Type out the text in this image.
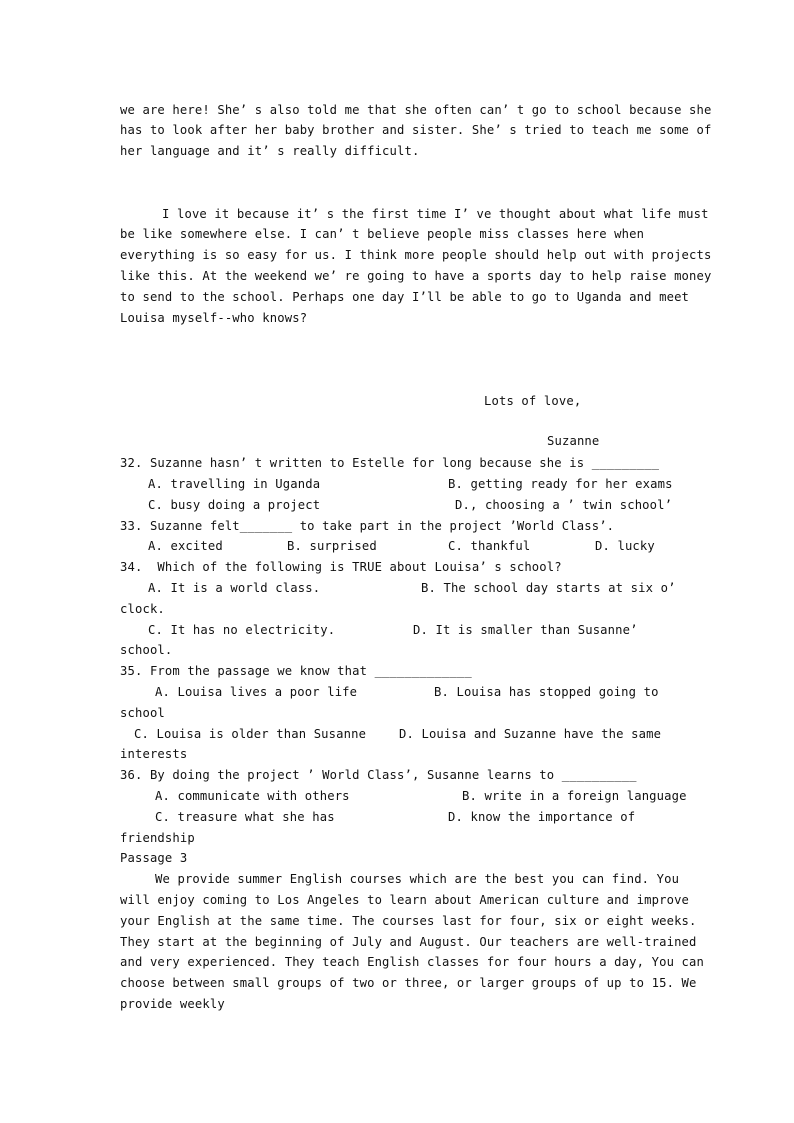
we are here! She’ s also told me that she often can’ t go to school because she
has to look after her baby brother and sister. She’ s tried to teach me some of
her language and it’ s really difficult.
I love it because it’ s the first time I’ ve thought about what life must
be like somewhere else. I can’ t believe people miss classes here when
everything is so easy for us. I think more people should help out with projects
like this. At the weekend we’ re going to have a sports day to help raise money
to send to the school. Perhaps one day I’ll be able to go to Uganda and meet
Louisa myself--who knows?
Lots of love,
Suzanne
32. Suzanne hasn’ t written to Estelle for long because she is _________
A. travelling in Uganda	B. getting ready for her exams
C. busy doing a project	D., choosing a ’ twin school’
33. Suzanne felt_______ to take part in the project ’World Class’.
A. excited	B. surprised	C. thankful	D. lucky
34.  Which of the following is TRUE about Louisa’ s school?
A. It is a world class.	B. The school day starts at six o’
clock.
C. It has no electricity.	D. It is smaller than Susanne’
school.
35. From the passage we know that _____________
A. Louisa lives a poor life	B. Louisa has stopped going to
school
C. Louisa is older than Susanne	D. Louisa and Suzanne have the same
interests
36. By doing the project ’ World Class’, Susanne learns to __________
A. communicate with others	B. write in a foreign language
C. treasure what she has	D. know the importance of
friendship
Passage 3
We provide summer English courses which are the best you can find. You
will enjoy coming to Los Angeles to learn about American culture and improve
your English at the same time. The courses last for four, six or eight weeks.
They start at the beginning of July and August. Our teachers are well-trained
and very experienced. They teach English classes for four hours a day, You can
choose between small groups of two or three, or larger groups of up to 15. We
provide weekly
